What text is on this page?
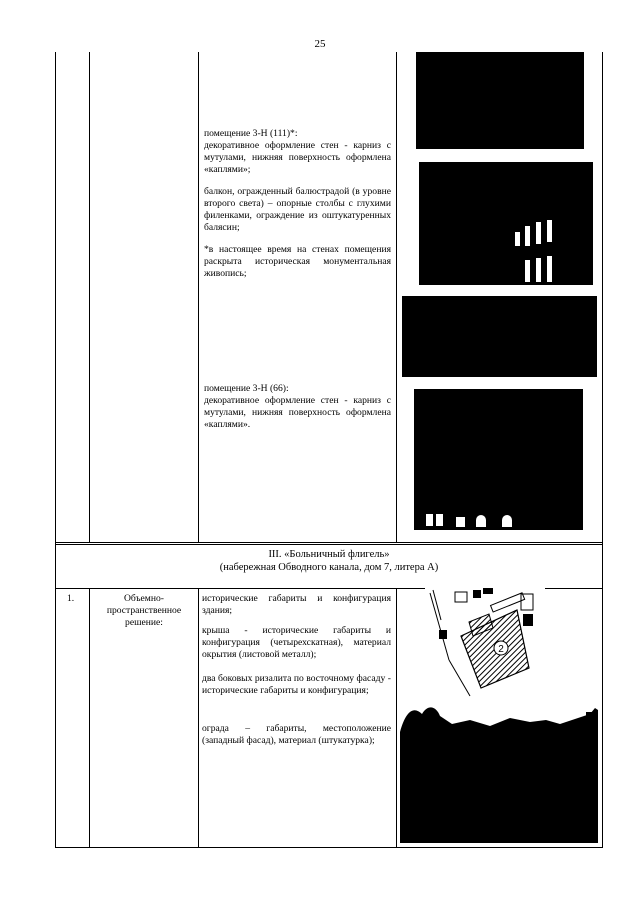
25
помещение 3-Н (111)*:

декоративное оформление стен - карниз с мутулами, нижняя поверхность оформлена «каплями»;

балкон, огражденный балюстрадой (в уровне второго света) – опорные столбы с глухими филенками, ограждение из оштукатуренных балясин;

*в настоящее время на стенах помещения раскрыта историческая монументальная живопись;

помещение 3-Н (66):

декоративное оформление стен - карниз с мутулами, нижняя поверхность оформлена «каплями».

III. «Больничный флигель»
(набережная Обводного канала, дом 7, литера А)
1.	Объемно-пространственное решение:

исторические габариты и конфигурация здания;

крыша - исторические габариты и конфигурация (четырехскатная), материал окрытия (листовой металл);

два боковых ризалита по восточному фасаду - исторические габариты и конфигурация;

ограда – габариты, местоположение (западный фасад), материал (штукатурка);

2
